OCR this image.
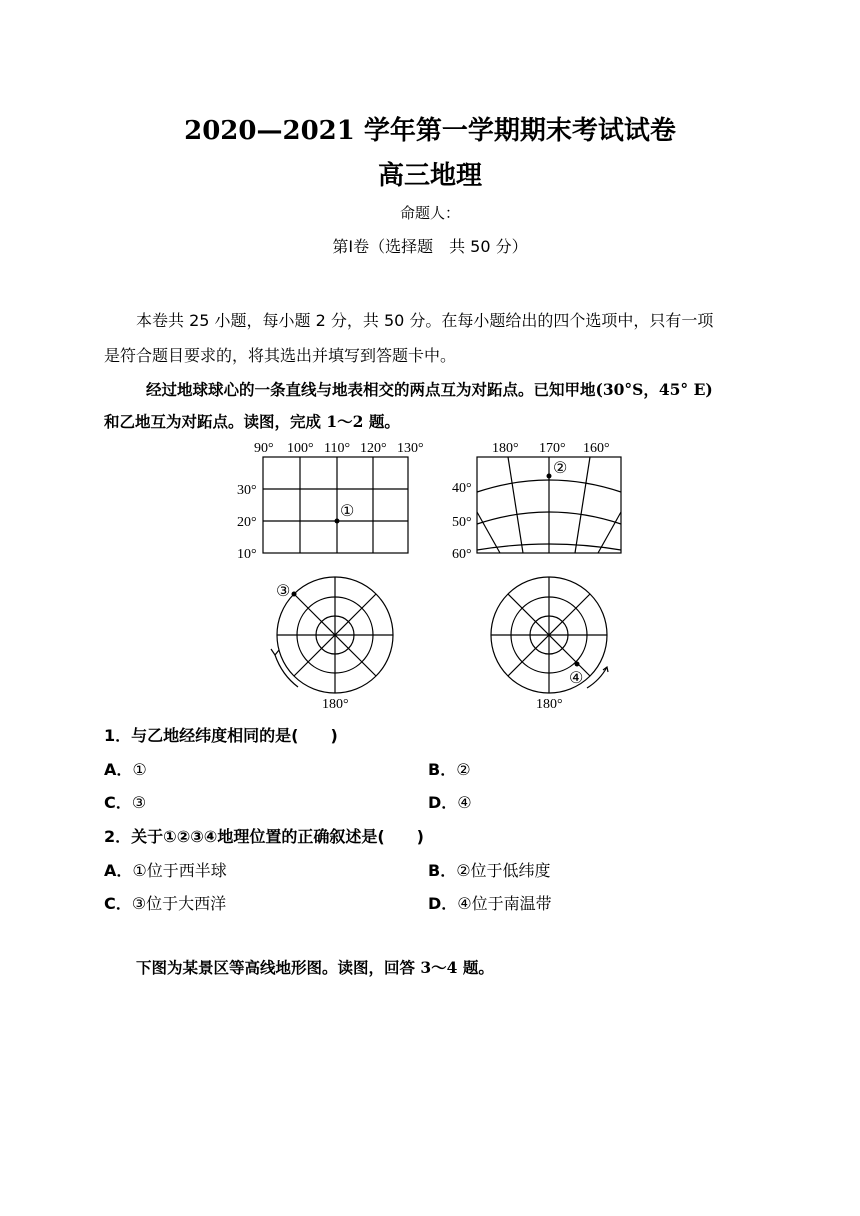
2020—2021 学年第一学期期末考试试卷
高三地理
命题人：
第Ⅰ卷（选择题　共 50 分）
本卷共 25 小题，每小题 2 分，共 50 分。在每小题给出的四个选项中，只有一项
是符合题目要求的，将其选出并填写到答题卡中。
经过地球球心的一条直线与地表相交的两点互为对跖点。已知甲地(30°S，45° E)
和乙地互为对跖点。读图，完成 1～2 题。
90° 100° 110° 120° 130°
30°
20°
10°
①
180° 170° 160°
40°
50°
60°
②
③
180°
④
180°
1．与乙地经纬度相同的是(　　)
A．①	B．②
C．③	D．④
2．关于①②③④地理位置的正确叙述是(　　)
A．①位于西半球	B．②位于低纬度
C．③位于大西洋	D．④位于南温带
下图为某景区等高线地形图。读图，回答 3～4 题。
